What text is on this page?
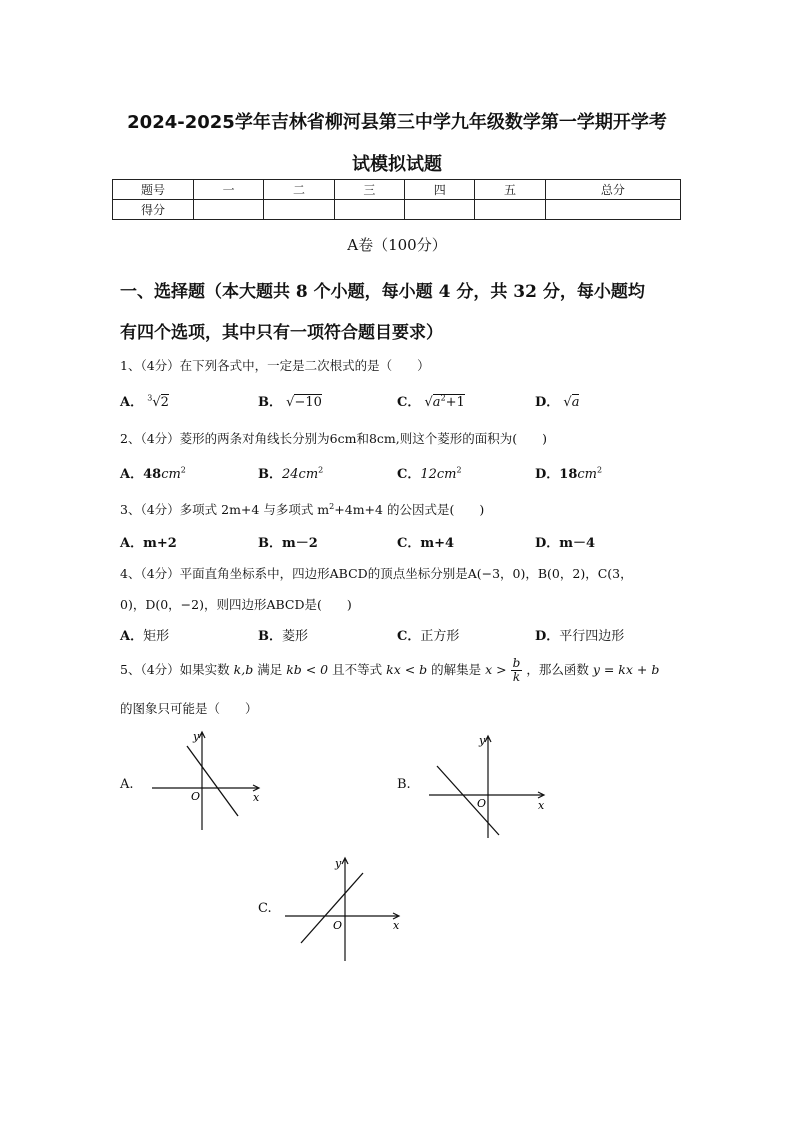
2024-2025学年吉林省柳河县第三中学九年级数学第一学期开学考
试模拟试题
题号	一	二	三	四	五	总分
得分						
A卷（100分）
一、选择题（本大题共 8 个小题，每小题 4 分，共 32 分，每小题均
有四个选项，其中只有一项符合题目要求）
1、（4分）在下列各式中，一定是二次根式的是（　　）
A． $^3$√2	B． √−10	C． $√a^2+1$	D． √a
2、（4分）菱形的两条对角线长分别为6cm和8cm,则这个菱形的面积为(　　)
A．$48cm^2$	B．$24cm^2$	C．$12cm^2$	D．$18cm^2$
3、（4分）多项式 2m+4 与多项式 $m^2+4m+4$ 的公因式是(　　)
A．m+2	B．m－2	C．m+4	D．m－4
4、（4分）平面直角坐标系中，四边形ABCD的顶点坐标分别是A(−3，0)，B(0，2)，C(3，
0)，D(0，−2)，则四边形ABCD是(　　)
A．矩形	B．菱形	C．正方形	D．平行四边形
5、（4分）如果实数 k,b 满足 kb < 0 且不等式 kx < b 的解集是 $x > \frac{b}{k}$ ，那么函数 y = kx + b
的图象只可能是（　　）
A.
x
y
O
B.
x
y
O
C.
x
y
O
